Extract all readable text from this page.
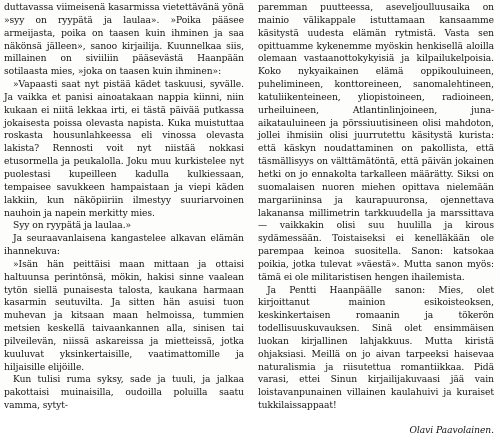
duttavassa viimeisenä kasarmissa vietettävänä yönä »syy on ryypätä ja laulaa». »Poika pääsee armeijasta, poika on taasen kuin ihminen ja saa näkönsä jälleen», sanoo kirjailija. Kuunnelkaa siis, millainen on siviiliin pääsevästä Haanpään sotilaasta mies, »joka on taasen kuin ihminen»:

»Vapaasti saat nyt pistää kädet taskuusi, syvälle. Ja vaikka et panisi ainoatakaan nappia kiinni, niin kukaan ei niitä lekkaa irti, ei tästä päivää putkassa jokaisesta poissa olevasta napista. Kuka muistuttaa roskasta housunlahkeessa eli vinossa olevasta lakista? Rennosti voit nyt niistää nokkasi etusormella ja peukalolla. Joku muu kurkistelee nyt puolestasi kupeilleen kadulla kulkiessaan, tempaisee savukkeen hampaistaan ja viepi käden lakkiin, kun näköpiiriin ilmestyy suuriarvoinen nauhoin ja napein merkitty mies.

Syy on ryypätä ja laulaa.»

Ja seuraavanlaisena kangastelee alkavan elämän ihannekuva:

»Isän hän peittäisi maan mittaan ja ottaisi haltuunsa perintönsä, mökin, hakisi sinne vaalean tytön siellä punaisesta talosta, kaukana harmaan kasarmin seutuvilta. Ja sitten hän asuisi tuon muhevan ja kitsaan maan helmoissa, tummien metsien keskellä taivaankannen alla, sinisen tai pilveilevän, niissä askareissa ja mietteissä, jotka kuuluvat yksinkertaisille, vaatimattomille ja hiljaisille elijöille.

Kun tulisi ruma syksy, sade ja tuuli, ja jalkaa pakottaisi muinaisilla, oudoilla poluilla saatu vamma, sytyt-

paremman puutteessa, aseveljoulluusaika on mainio välikappale istuttamaan kansaamme käsitystä uudesta elämän rytmistä. Vasta sen opittuamme kykenemme myöskin henkisellä aloilla olemaan vastaanottokykyisiä ja kilpailukelpoisia. Koko nykyaikainen elämä oppikouluineen, puhelimineen, konttoreineen, sanomalehtineen, katuliikenteineen, yliopistoineen, radioineen, urheiluineen, Atlantinlinjoineen, juna-aikatauluineen ja pörssiuutisineen olisi mahdoton, jollei ihmisiin olisi juurrutettu käsitystä kurista: että käskyn noudattaminen on pakollista, että täsmällisyys on välttämätöntä, että päivän jokainen hetki on jo ennakolta tarkalleen määrätty. Siksi on suomalaisen nuoren miehen opittava nielemään margariininsa ja kaurapuuronsa, ojennettava lakanansa millimetrin tarkkuudella ja marssittava — vaikkakin olisi suu huulilla ja kirous sydämessään. Toistaiseksi ei kenelläkään ole parempaa keinoa suositella. Sanon: katsokaa poikia, jotka tulevat »väestä». Mutta sanon myös: tämä ei ole militaristisen hengen ihailemista.

Ja Pentti Haanpäälle sanon: Mies, olet kirjoittanut mainion esikoisteoksen, keskinkertaisen romaanin ja tökerön todellisuuskuvauksen. Sinä olet ensimmäisen luokan kirjallinen lahjakkuus. Mutta kiristä ohjaksiasi. Meillä on jo aivan tarpeeksi haisevaa naturalismia ja riisutettua romantiikkaa. Pidä varasi, ettei Sinun kirjailijakuvaasi jää vain loistavanpunainen villainen kaulahuivi ja kuraiset tukkilaissappaat!

Olavi Paavolainen.
